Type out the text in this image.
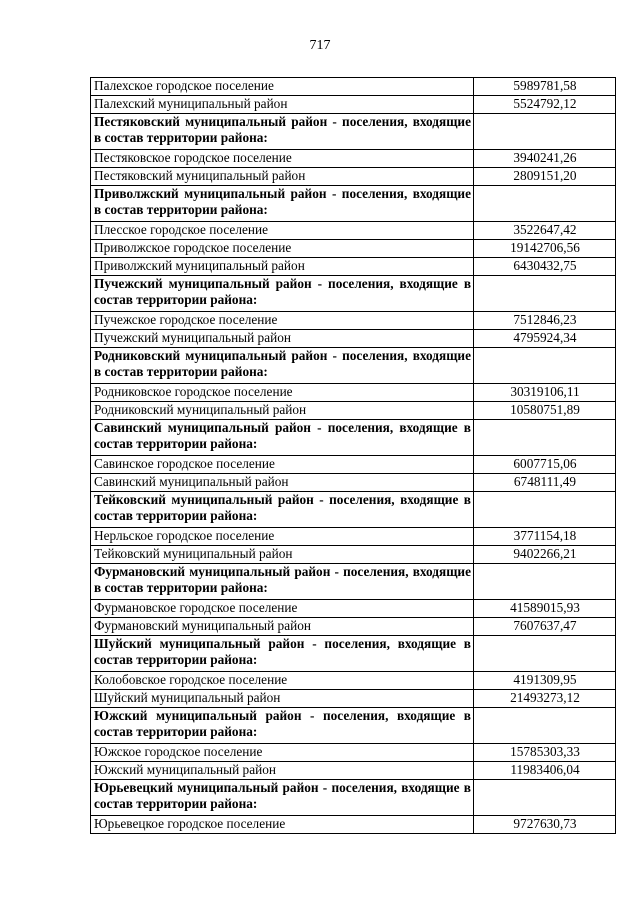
717
Палехское городское поселение	5989781,58
Палехский муниципальный район	5524792,12
Пестяковский муниципальный район - поселения, входящие в состав территории района:	
Пестяковское городское поселение	3940241,26
Пестяковский муниципальный район	2809151,20
Приволжский муниципальный район - поселения, входящие в состав территории района:	
Плесское городское поселение	3522647,42
Приволжское городское поселение	19142706,56
Приволжский муниципальный район	6430432,75
Пучежский муниципальный район - поселения, входящие в состав территории района:	
Пучежское городское поселение	7512846,23
Пучежский муниципальный район	4795924,34
Родниковский муниципальный район - поселения, входящие в состав территории района:	
Родниковское городское поселение	30319106,11
Родниковский муниципальный район	10580751,89
Савинский муниципальный район - поселения, входящие в состав территории района:	
Савинское городское поселение	6007715,06
Савинский муниципальный район	6748111,49
Тейковский муниципальный район - поселения, входящие в состав территории района:	
Нерльское городское поселение	3771154,18
Тейковский муниципальный район	9402266,21
Фурмановский муниципальный район - поселения, входящие в состав территории района:	
Фурмановское городское поселение	41589015,93
Фурмановский муниципальный район	7607637,47
Шуйский муниципальный район - поселения, входящие в состав территории района:	
Колобовское городское поселение	4191309,95
Шуйский муниципальный район	21493273,12
Южский муниципальный район - поселения, входящие в состав территории района:	
Южское городское поселение	15785303,33
Южский муниципальный район	11983406,04
Юрьевецкий муниципальный район - поселения, входящие в состав территории района:	
Юрьевецкое городское поселение	9727630,73
